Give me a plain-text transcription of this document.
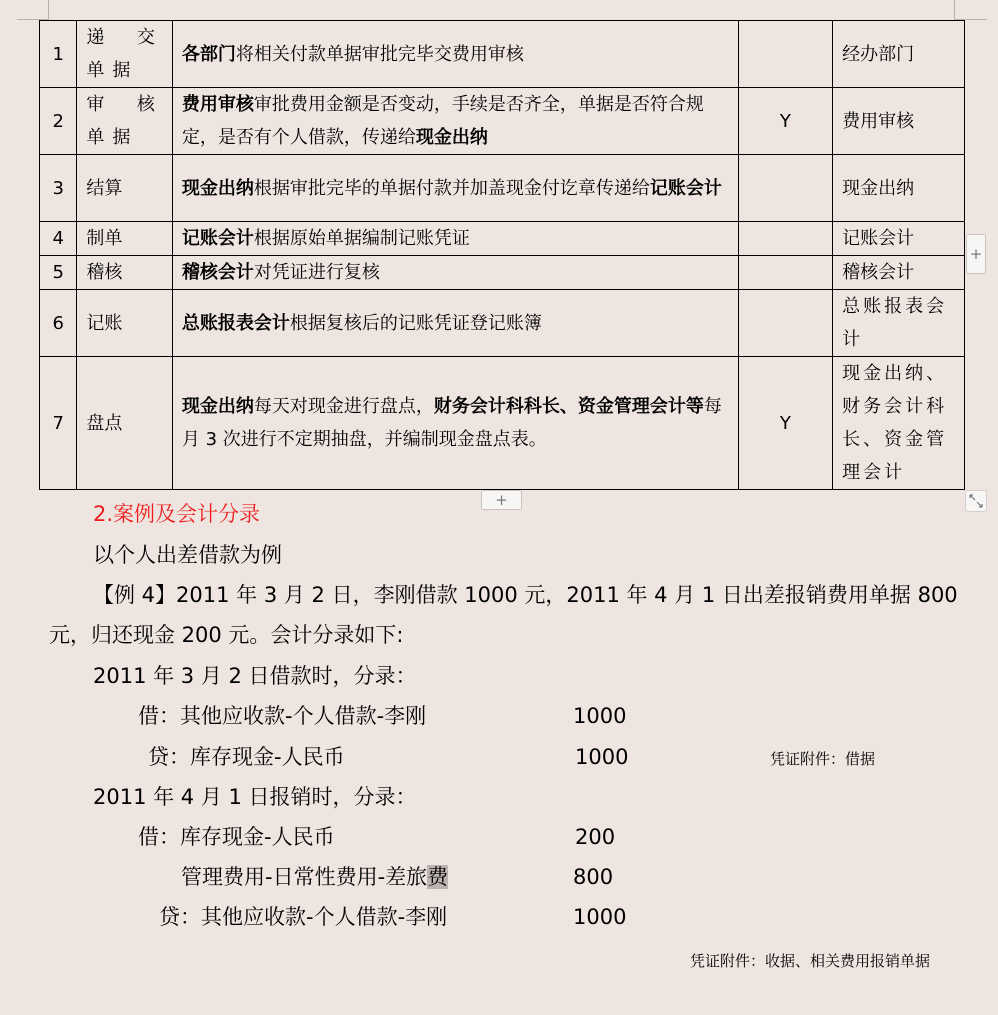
1	递交单据	各部门将相关付款单据审批完毕交费用审核		经办部门
2	审核单据	费用审核审批费用金额是否变动，手续是否齐全，单据是否符合规定，是否有个人借款，传递给现金出纳	Y	费用审核
3	结算	现金出纳根据审批完毕的单据付款并加盖现金付讫章传递给记账会计		现金出纳
4	制单	记账会计根据原始单据编制记账凭证		记账会计
5	稽核	稽核会计对凭证进行复核		稽核会计
6	记账	总账报表会计根据复核后的记账凭证登记账簿		总账报表会计
7	盘点	现金出纳每天对现金进行盘点，财务会计科科长、资金管理会计等每月 3 次进行不定期抽盘，并编制现金盘点表。	Y	现金出纳、财务会计科长、资金管理会计
+
+
2.案例及会计分录
以个人出差借款为例
【例 4】2011 年 3 月 2 日，李刚借款 1000 元，2011 年 4 月 1 日出差报销费用单据 800
元，归还现金 200 元。会计分录如下:
2011 年 3 月 2 日借款时，分录：
借：其他应收款-个人借款-李刚	1000
贷：库存现金-人民币	1000	凭证附件：借据
2011 年 4 月 1 日报销时，分录：
借：库存现金-人民币	200
管理费用-日常性费用-差旅费	800
贷：其他应收款-个人借款-李刚	1000
凭证附件：收据、相关费用报销单据
